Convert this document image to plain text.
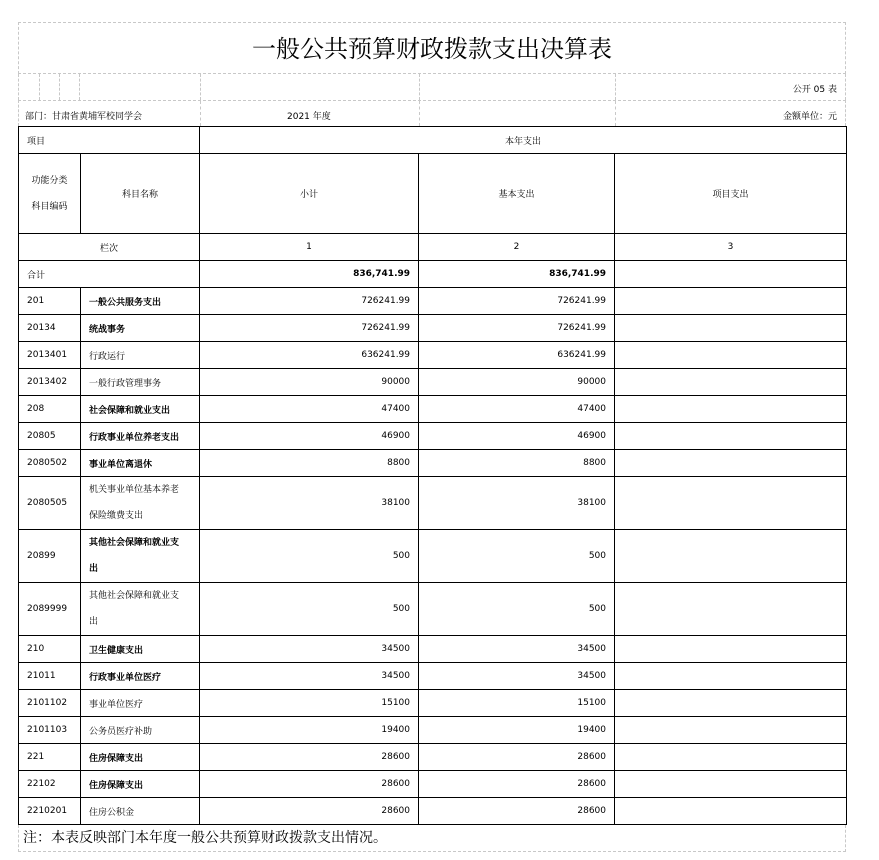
一般公共预算财政拨款支出决算表
公开 05 表
部门：甘肃省黄埔军校同学会	2021 年度	金额单位：元
项目		本年支出		

功能分类
科目编码	科目名称	小计	基本支出	项目支出
栏次		1	2	3
合计		836,741.99	836,741.99	
201	一般公共服务支出	726241.99	726241.99	
20134	统战事务	726241.99	726241.99	
2013401	行政运行	636241.99	636241.99	
2013402	一般行政管理事务	90000	90000	
208	社会保障和就业支出	47400	47400	
20805	行政事业单位养老支出	46900	46900	
2080502	事业单位离退休	8800	8800	
2080505	机关事业单位基本养老
保险缴费支出	38100	38100	
20899	其他社会保障和就业支
出	500	500	
2089999	其他社会保障和就业支
出	500	500	
210	卫生健康支出	34500	34500	
21011	行政事业单位医疗	34500	34500	
2101102	事业单位医疗	15100	15100	
2101103	公务员医疗补助	19400	19400	
221	住房保障支出	28600	28600	
22102	住房保障支出	28600	28600	
2210201	住房公积金	28600	28600	
注：本表反映部门本年度一般公共预算财政拨款支出情况。
